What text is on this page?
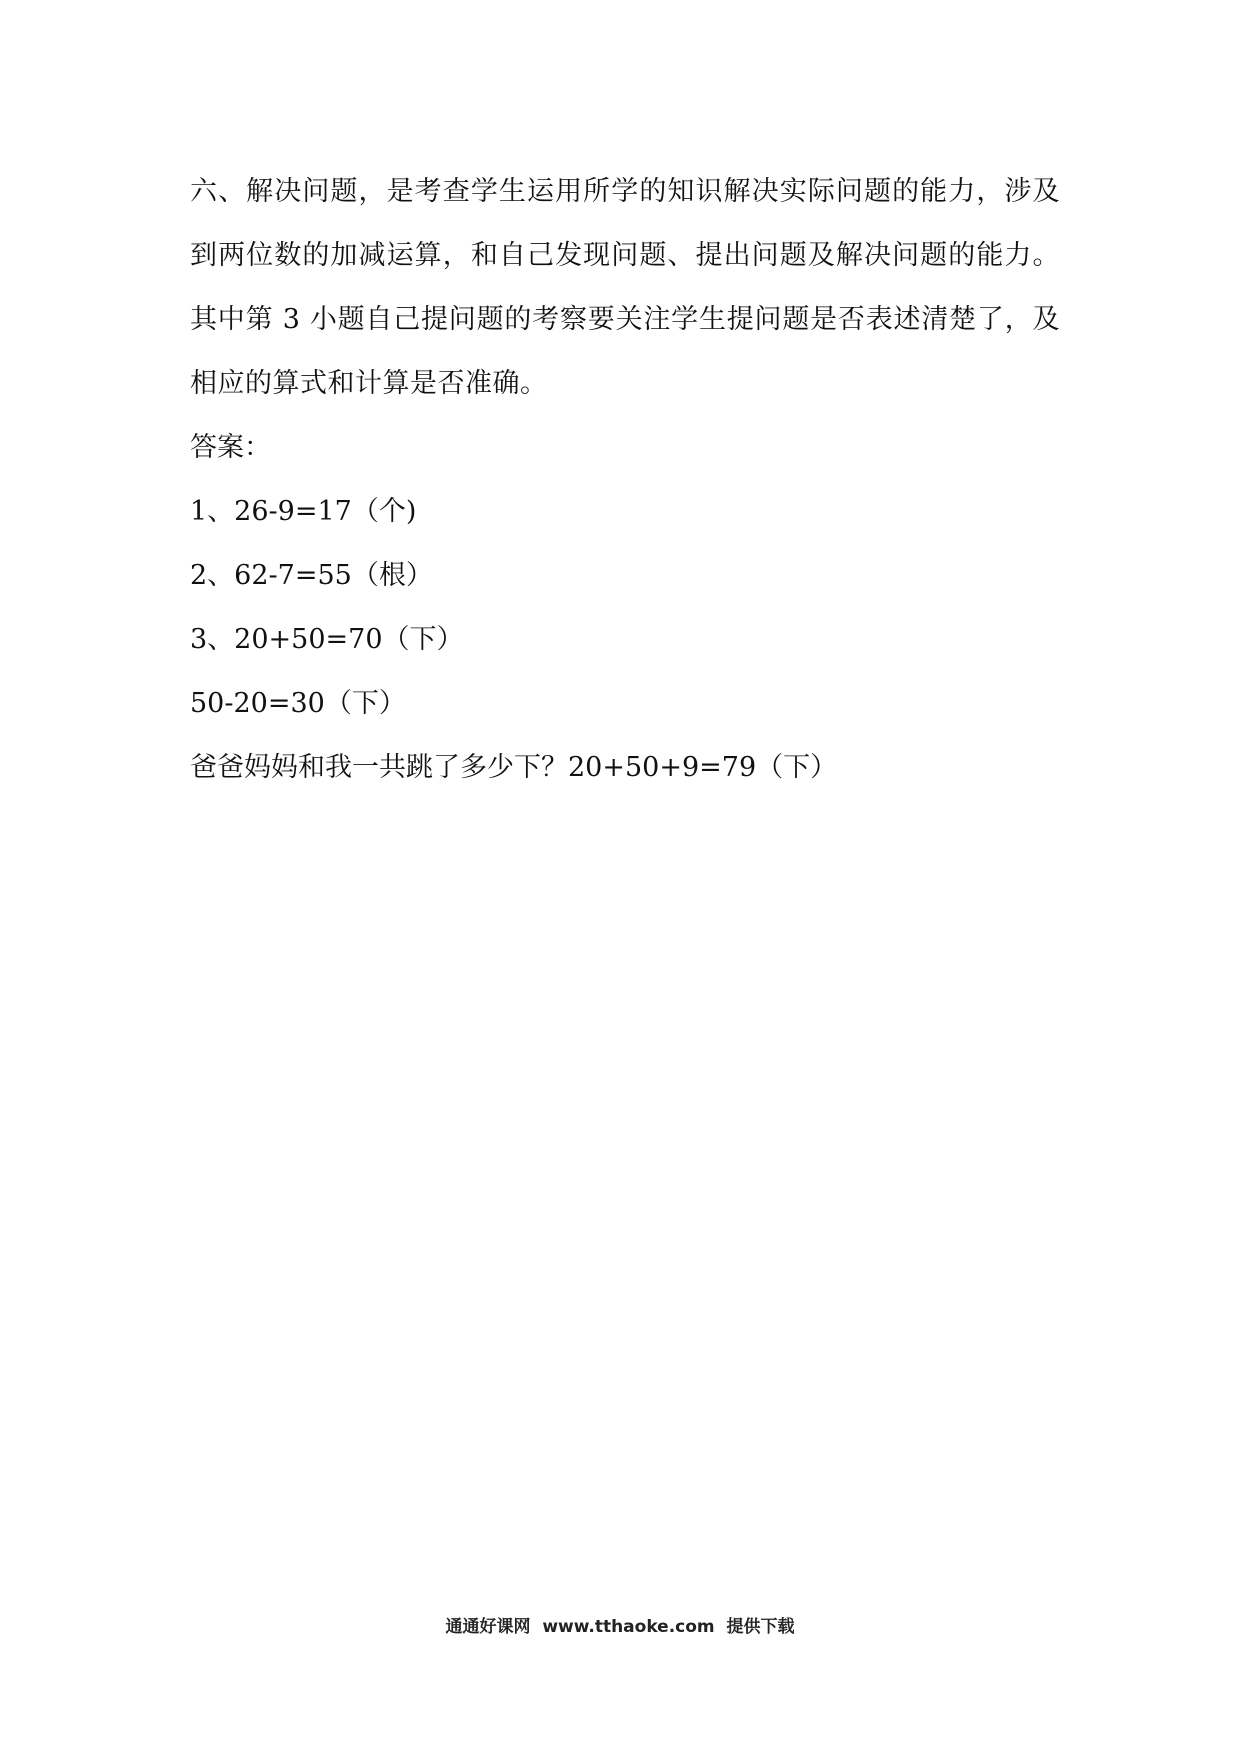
六、解决问题，是考查学生运用所学的知识解决实际问题的能力，涉及到两位数的加减运算，和自己发现问题、提出问题及解决问题的能力。其中第 3 小题自己提问题的考察要关注学生提问题是否表述清楚了，及相应的算式和计算是否准确。

答案：

1、26-9=17（个)

2、62-7=55（根）

3、20+50=70（下）

50-20=30（下）

爸爸妈妈和我一共跳了多少下？20+50+9=79（下）

通通好课网  www.tthaoke.com  提供下载
